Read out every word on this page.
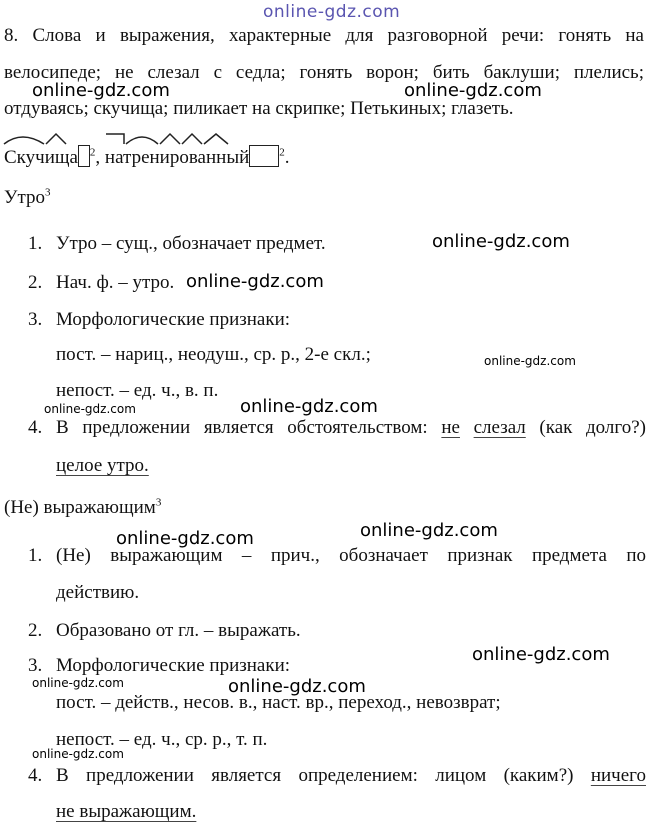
online-gdz.com
8. Слова и выражения, характерные для разговорной речи: гонять на
велосипеде; не слезал с седла; гонять ворон; бить баклуши; плелись;
online-gdz.com	online-gdz.com
отдуваясь; скучища; пиликает на скрипке; Петькиных; глазеть.
Скучища $^2$, натренированный	$^2$.
Утро$^3$
1. Утро – сущ., обозначает предмет.	online-gdz.com
2. Нач. ф. – утро. online-gdz.com
3. Морфологические признаки:
пост. – нариц., неодуш., ср. р., 2-е скл.;	online-gdz.com
непост. – ед. ч., в. п.
online-gdz.com
online-gdz.com
4. В предложении является обстоятельством: не слезал (как долго?)
целое утро.
(Не) выражающим$^3$
online-gdz.com	online-gdz.com
1. (Не) выражающим – прич., обозначает признак предмета по
действию.
2. Образовано от гл. – выражать.
online-gdz.com
3. Морфологические признаки:
online-gdz.com	online-gdz.com
пост. – действ., несов. в., наст. вр., переход., невозврат;
непост. – ед. ч., ср. р., т. п.
online-gdz.com
4. В предложении является определением: лицом (каким?) ничего
не выражающим.
